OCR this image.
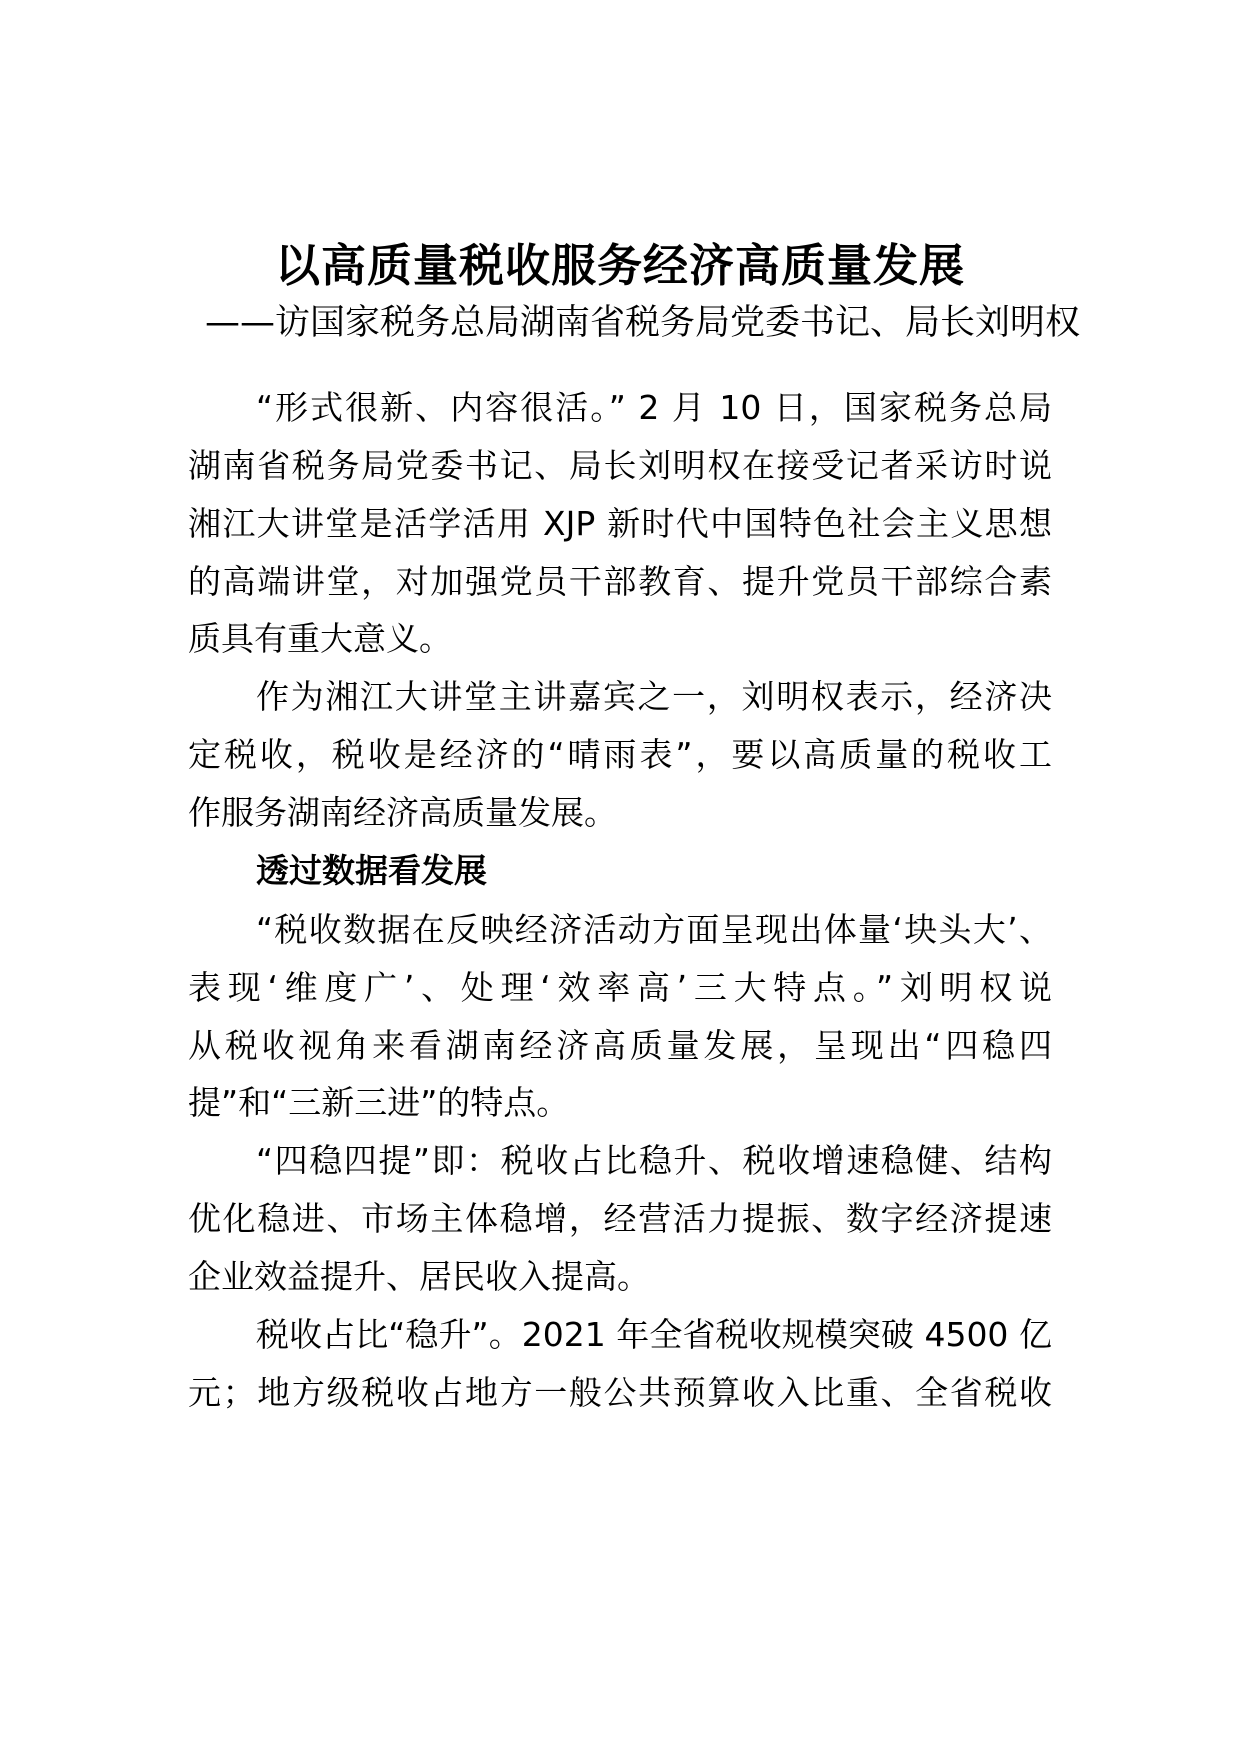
以高质量税收服务经济高质量发展
——访国家税务总局湖南省税务局党委书记、局长刘明权
“形式很新、内容很活。” 2 月 10 日，国家税务总局
湖南省税务局党委书记、局长刘明权在接受记者采访时说
湘江大讲堂是活学活用 XJP 新时代中国特色社会主义思想
的高端讲堂，对加强党员干部教育、提升党员干部综合素
质具有重大意义。
作为湘江大讲堂主讲嘉宾之一，刘明权表示，经济决
定税收，税收是经济的“晴雨表”，要以高质量的税收工
作服务湖南经济高质量发展。
透过数据看发展
“税收数据在反映经济活动方面呈现出体量‘块头大’、
表现‘维度广’、处理‘效率高’三大特点。”刘明权说
从税收视角来看湖南经济高质量发展，呈现出“四稳四
提”和“三新三进”的特点。
“四稳四提”即：税收占比稳升、税收增速稳健、结构
优化稳进、市场主体稳增，经营活力提振、数字经济提速
企业效益提升、居民收入提高。
税收占比“稳升”。2021 年全省税收规模突破 4500 亿
元；地方级税收占地方一般公共预算收入比重、全省税收
